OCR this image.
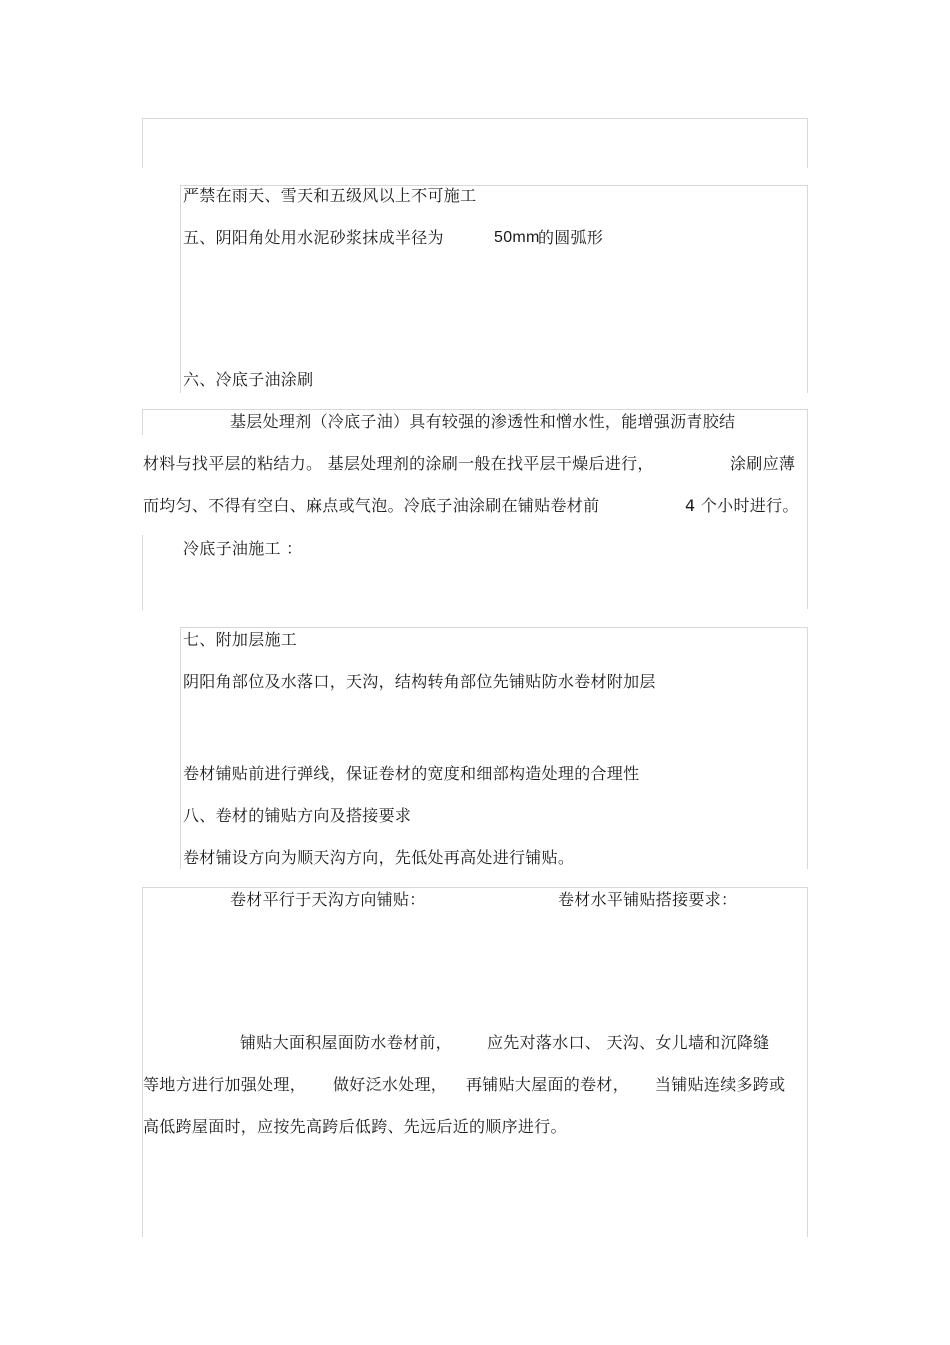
严禁在雨天、雪天和五级风以上不可施工
五、阴阳角处用水泥砂浆抹成半径为	50mm
的圆弧形
六、冷底子油涂刷
基层处理剂（冷底子油）具有较强的渗透性和憎水性，能增强沥青胶结
材料与找平层的粘结力。 基层处理剂的涂刷一般在找平层干燥后进行，	涂刷应薄
而均匀、不得有空白、麻点或气泡。冷底子油涂刷在铺贴卷材前	4 个小时进行。
冷底子油施工 ：
七、附加层施工
阴阳角部位及水落口，天沟，结构转角部位先铺贴防水卷材附加层
卷材铺贴前进行弹线，保证卷材的宽度和细部构造处理的合理性
八、卷材的铺贴方向及搭接要求
卷材铺设方向为顺天沟方向，先低处再高处进行铺贴。
卷材平行于天沟方向铺贴：	卷材水平铺贴搭接要求：
铺贴大面积屋面防水卷材前， 应先对落水口、 天沟、女儿墙和沉降缝
等地方进行加强处理， 做好泛水处理， 再铺贴大屋面的卷材， 当铺贴连续多跨或
高低跨屋面时，应按先高跨后低跨、先远后近的顺序进行。
